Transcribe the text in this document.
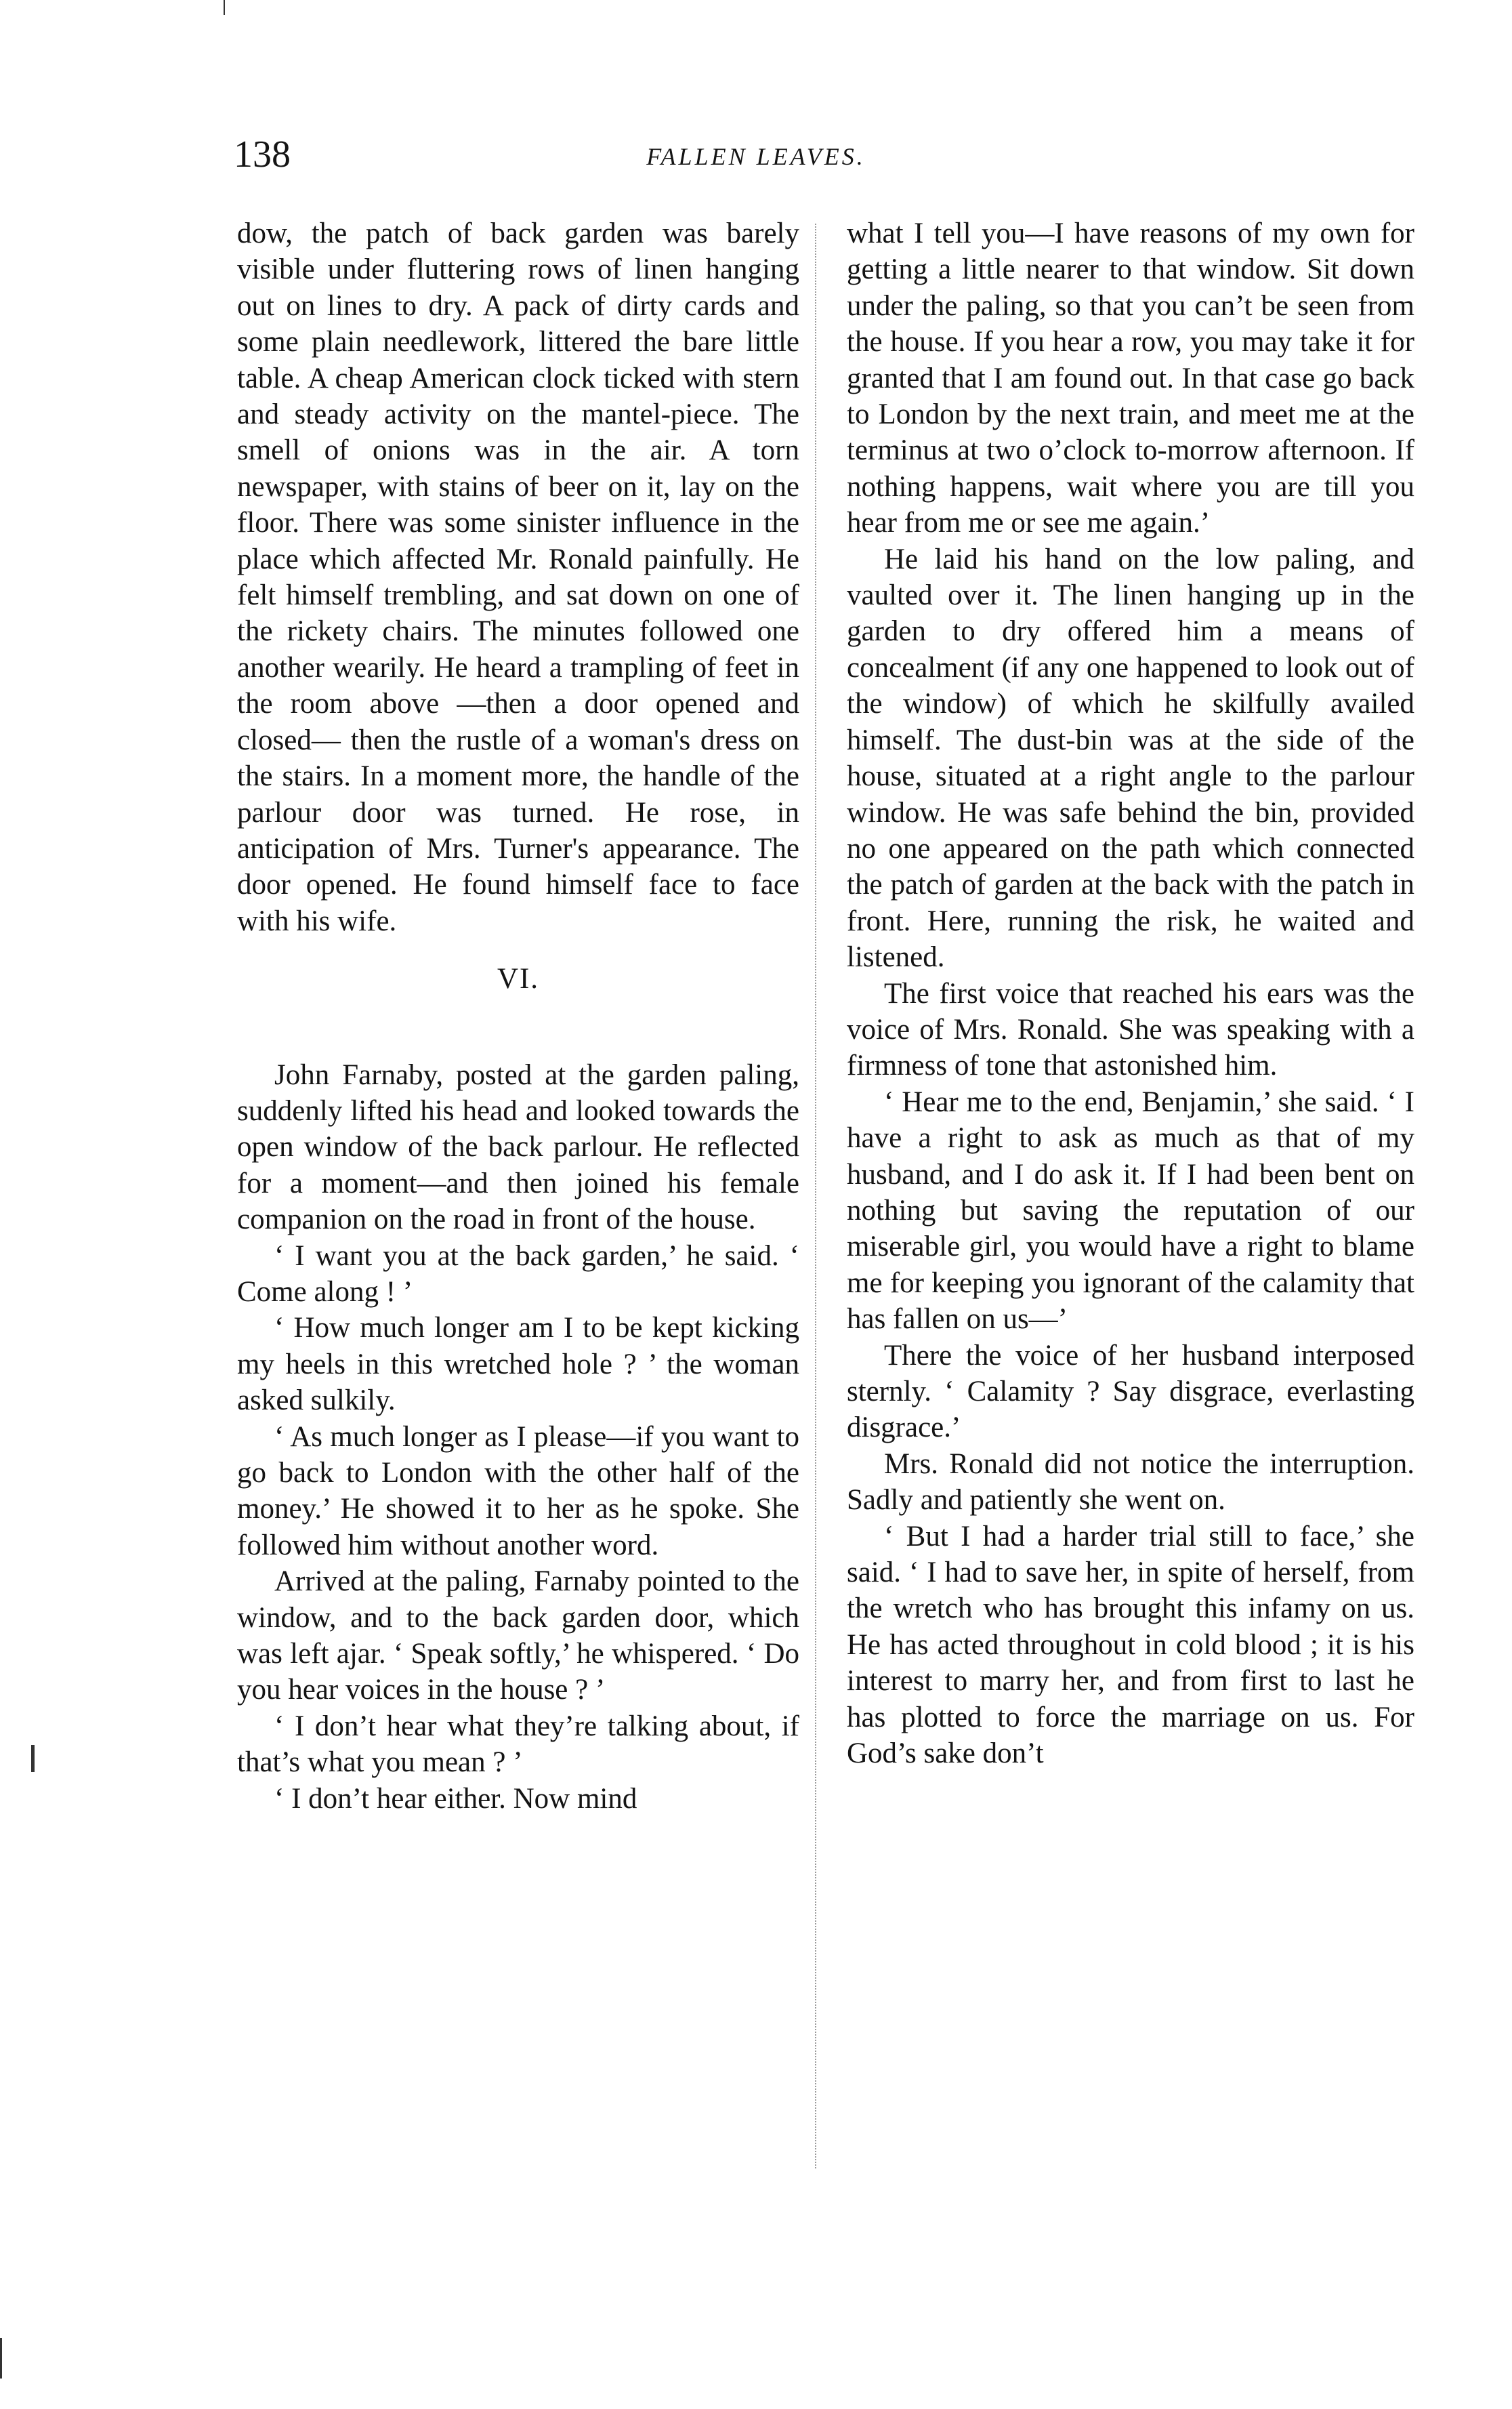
138	FALLEN LEAVES.

dow, the patch of back garden was barely visible under fluttering rows of linen hanging out on lines to dry. A pack of dirty cards and some plain needlework, littered the bare little table. A cheap American clock ticked with stern and steady activity on the mantel-piece. The smell of onions was in the air. A torn newspaper, with stains of beer on it, lay on the floor. There was some sinister influence in the place which affected Mr. Ronald painfully. He felt himself trembling, and sat down on one of the rickety chairs. The minutes followed one another wearily. He heard a trampling of feet in the room above —then a door opened and closed— then the rustle of a woman's dress on the stairs. In a moment more, the handle of the parlour door was turned. He rose, in anticipation of Mrs. Turner's appearance. The door opened. He found himself face to face with his wife.

VI.

John Farnaby, posted at the garden paling, suddenly lifted his head and looked towards the open window of the back parlour. He reflected for a moment—and then joined his female companion on the road in front of the house.

‘ I want you at the back garden,’ he said. ‘ Come along ! ’

‘ How much longer am I to be kept kicking my heels in this wretched hole ? ’ the woman asked sulkily.

‘ As much longer as I please—if you want to go back to London with the other half of the money.’ He showed it to her as he spoke. She followed him without another word.

Arrived at the paling, Farnaby pointed to the window, and to the back garden door, which was left ajar. ‘ Speak softly,’ he whispered. ‘ Do you hear voices in the house ? ’

‘ I don’t hear what they’re talking about, if that’s what you mean ? ’

‘ I don’t hear either. Now mind

what I tell you—I have reasons of my own for getting a little nearer to that window. Sit down under the paling, so that you can’t be seen from the house. If you hear a row, you may take it for granted that I am found out. In that case go back to London by the next train, and meet me at the terminus at two o’clock to-morrow afternoon. If nothing happens, wait where you are till you hear from me or see me again.’

He laid his hand on the low paling, and vaulted over it. The linen hanging up in the garden to dry offered him a means of concealment (if any one happened to look out of the window) of which he skilfully availed himself. The dust-bin was at the side of the house, situated at a right angle to the parlour window. He was safe behind the bin, provided no one appeared on the path which connected the patch of garden at the back with the patch in front. Here, running the risk, he waited and listened.

The first voice that reached his ears was the voice of Mrs. Ronald. She was speaking with a firmness of tone that astonished him.

‘ Hear me to the end, Benjamin,’ she said. ‘ I have a right to ask as much as that of my husband, and I do ask it. If I had been bent on nothing but saving the reputation of our miserable girl, you would have a right to blame me for keeping you ignorant of the calamity that has fallen on us—’

There the voice of her husband interposed sternly. ‘ Calamity ? Say disgrace, everlasting disgrace.’

Mrs. Ronald did not notice the interruption. Sadly and patiently she went on.

‘ But I had a harder trial still to face,’ she said. ‘ I had to save her, in spite of herself, from the wretch who has brought this infamy on us. He has acted throughout in cold blood ; it is his interest to marry her, and from first to last he has plotted to force the marriage on us. For God’s sake don’t
